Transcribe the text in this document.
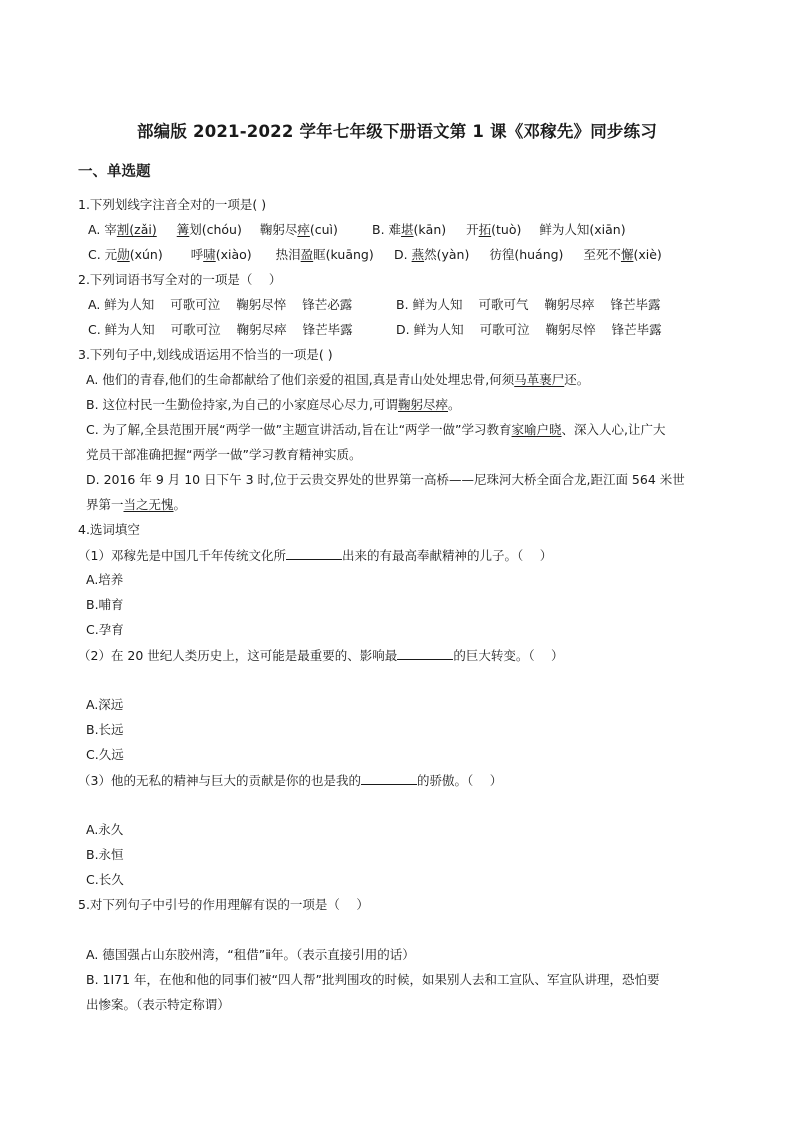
部编版 2021-2022 学年七年级下册语文第 1 课《邓稼先》同步练习
一、单选题
1.下列划线字注音全对的一项是( )
A. 宰割(zǎi) 篝划(chóu) 鞠躬尽瘁(cuì)	B. 难堪(kān) 开拓(tuò) 鲜为人知(xiān)
C. 元勋(xún) 呼啸(xiào) 热泪盈眶(kuāng) D. 燕然(yàn) 彷徨(huáng) 至死不懈(xiè)
2.下列词语书写全对的一项是（　 ）
A. 鲜为人知 可歌可泣 鞠躬尽悴 锋芒必露	B. 鲜为人知 可歌可气 鞠躬尽瘁 锋芒毕露
C. 鲜为人知 可歌可泣 鞠躬尽瘁 锋芒毕露	D. 鲜为人知 可歌可泣 鞠躬尽悴 锋芒毕露
3.下列句子中,划线成语运用不恰当的一项是( )
A. 他们的青春,他们的生命都献给了他们亲爱的祖国,真是青山处处埋忠骨,何须马革裹尸还。
B. 这位村民一生勤俭持家,为自己的小家庭尽心尽力,可谓鞠躬尽瘁。
C. 为了解,全县范围开展“两学一做”主题宣讲活动,旨在让“两学一做”学习教育家喻户晓、深入人心,让广大
党员干部准确把握“两学一做”学习教育精神实质。
D. 2016 年 9 月 10 日下午 3 时,位于云贵交界处的世界第一高桥——尼珠河大桥全面合龙,距江面 564 米世
界第一当之无愧。
4.选词填空
（1）邓稼先是中国几千年传统文化所	出来的有最高奉献精神的儿子。（　 ）
A.培养
B.哺育
C.孕育
（2）在 20 世纪人类历史上，这可能是最重要的、影响最	的巨大转变。（　 ）
A.深远
B.长远
C.久远
（3）他的无私的精神与巨大的贡献是你的也是我的	的骄傲。（　 ）
A.永久
B.永恒
C.长久
5.对下列句子中引号的作用理解有误的一项是（　 ）
A. 德国强占山东胶州湾，“租借”ⅱ年。（表示直接引用的话）
B. 1Ⅰ71 年，在他和他的同事们被“四人帮”批判围攻的时候，如果别人去和工宣队、军宣队讲理，恐怕要
出惨案。（表示特定称谓）
